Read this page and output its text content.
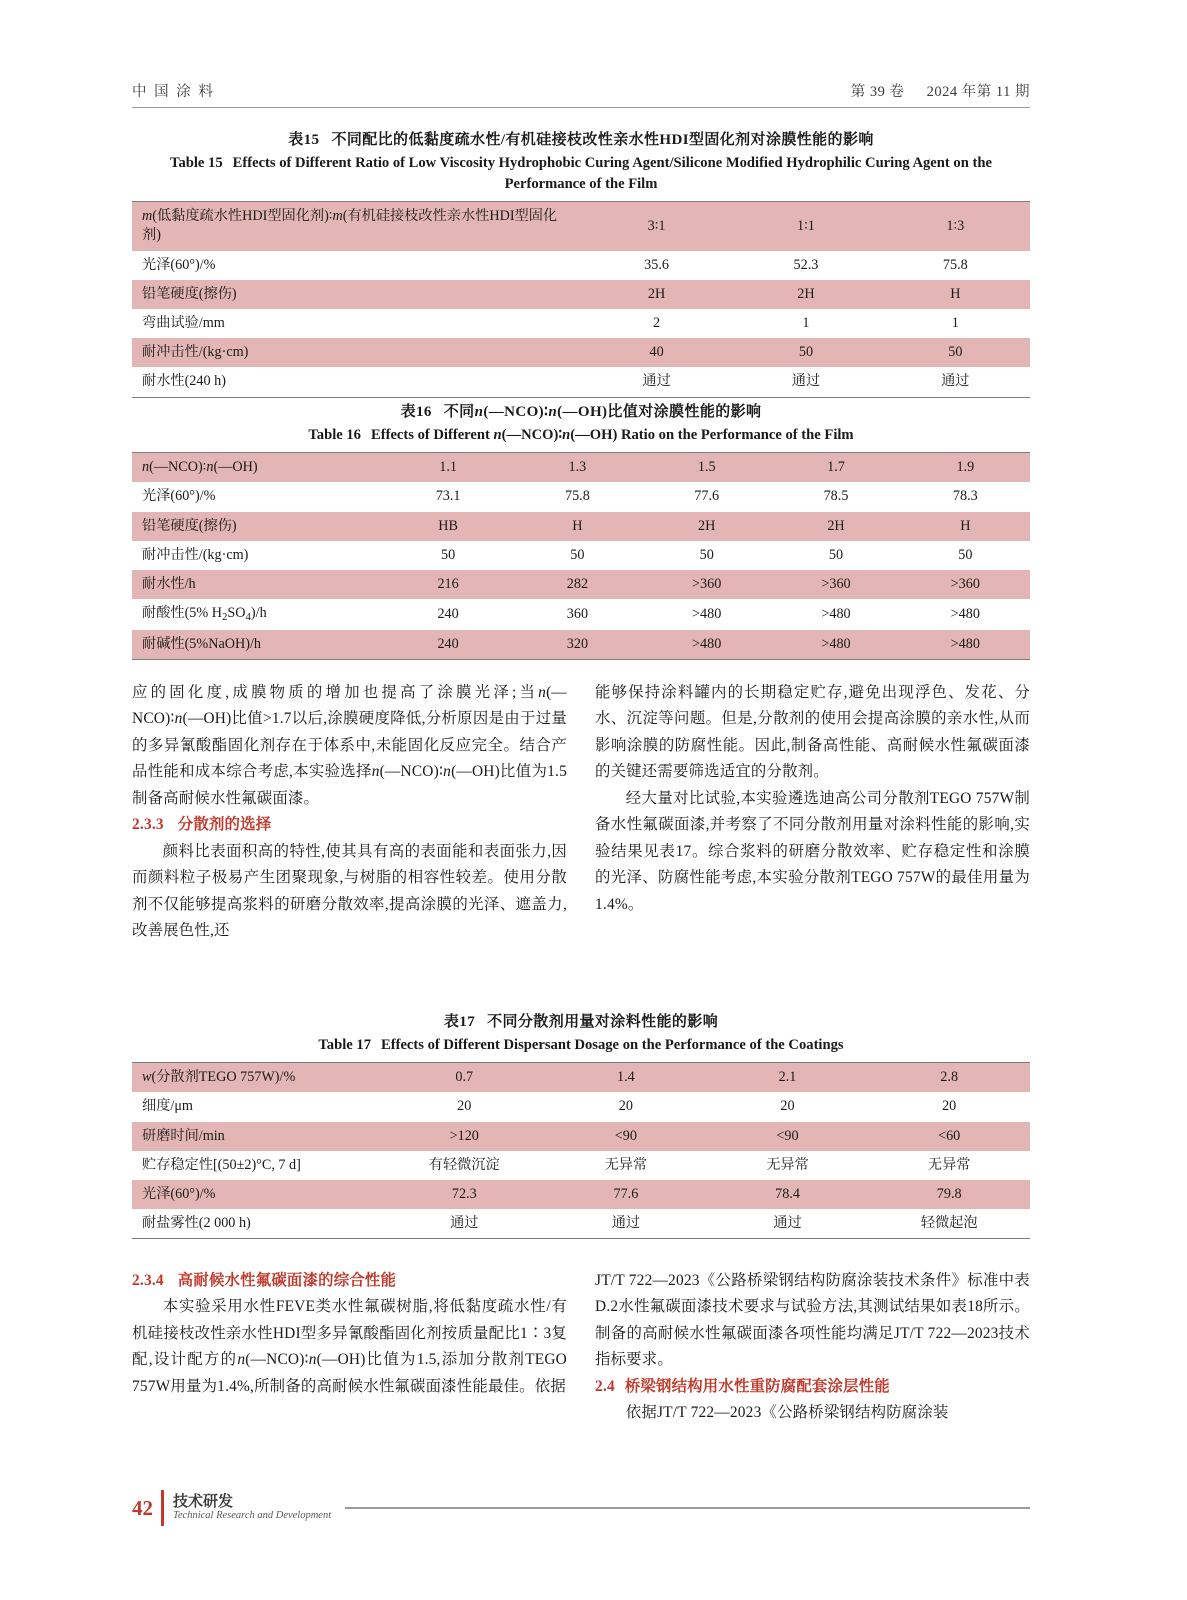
中 国 涂 料	第 39 卷 2024 年第 11 期
表15 不同配比的低黏度疏水性/有机硅接枝改性亲水性HDI型固化剂对涂膜性能的影响
Table 15 Effects of Different Ratio of Low Viscosity Hydrophobic Curing Agent/Silicone Modified Hydrophilic Curing Agent on the Performance of the Film
m(低黏度疏水性HDI型固化剂)∶m(有机硅接枝改性亲水性HDI型固化剂)	3∶1	1∶1	1∶3
光泽(60°)/%	35.6	52.3	75.8
铅笔硬度(擦伤)	2H	2H	H
弯曲试验/mm	2	1	1
耐冲击性/(kg·cm)	40	50	50
耐水性(240 h)	通过	通过	通过
表16 不同n(—NCO)∶n(—OH)比值对涂膜性能的影响
Table 16 Effects of Different n(—NCO)∶n(—OH) Ratio on the Performance of the Film
n(—NCO)∶n(—OH)	1.1	1.3	1.5	1.7	1.9
光泽(60°)/%	73.1	75.8	77.6	78.5	78.3
铅笔硬度(擦伤)	HB	H	2H	2H	H
耐冲击性/(kg·cm)	50	50	50	50	50
耐水性/h	216	282	>360	>360	>360
耐酸性(5% $H_2SO_4)/h$	240	360	>480	>480	>480
耐碱性(5%NaOH)/h	240	320	>480	>480	>480

应的固化度,成膜物质的增加也提高了涂膜光泽;当n(—NCO)∶n(—OH)比值>1.7以后,涂膜硬度降低,分析原因是由于过量的多异氰酸酯固化剂存在于体系中,未能固化反应完全。结合产品性能和成本综合考虑,本实验选择n(—NCO)∶n(—OH)比值为1.5制备高耐候水性氟碳面漆。

2.3.3 分散剂的选择

颜料比表面积高的特性,使其具有高的表面能和表面张力,因而颜料粒子极易产生团聚现象,与树脂的相容性较差。使用分散剂不仅能够提高浆料的研磨分散效率,提高涂膜的光泽、遮盖力,改善展色性,还

能够保持涂料罐内的长期稳定贮存,避免出现浮色、发花、分水、沉淀等问题。但是,分散剂的使用会提高涂膜的亲水性,从而影响涂膜的防腐性能。因此,制备高性能、高耐候水性氟碳面漆的关键还需要筛选适宜的分散剂。

经大量对比试验,本实验遴选迪高公司分散剂TEGO 757W制备水性氟碳面漆,并考察了不同分散剂用量对涂料性能的影响,实验结果见表17。综合浆料的研磨分散效率、贮存稳定性和涂膜的光泽、防腐性能考虑,本实验分散剂TEGO 757W的最佳用量为1.4%。

表17 不同分散剂用量对涂料性能的影响
Table 17 Effects of Different Dispersant Dosage on the Performance of the Coatings
w(分散剂TEGO 757W)/%	0.7	1.4	2.1	2.8
细度/μm	20	20	20	20
研磨时间/min	>120	<90	<90	<60
贮存稳定性[(50±2)°C, 7 d]	有轻微沉淀	无异常	无异常	无异常
光泽(60°)/%	72.3	77.6	78.4	79.8
耐盐雾性(2 000 h)	通过	通过	通过	轻微起泡

2.3.4 高耐候水性氟碳面漆的综合性能

本实验采用水性FEVE类水性氟碳树脂,将低黏度疏水性/有机硅接枝改性亲水性HDI型多异氰酸酯固化剂按质量配比1∶3复配,设计配方的n(—NCO)∶n(—OH)比值为1.5,添加分散剂TEGO 757W用量为1.4%,所制备的高耐候水性氟碳面漆性能最佳。依据

JT/T 722—2023《公路桥梁钢结构防腐涂装技术条件》标准中表D.2水性氟碳面漆技术要求与试验方法,其测试结果如表18所示。制备的高耐候水性氟碳面漆各项性能均满足JT/T 722—2023技术指标要求。

2.4 桥梁钢结构用水性重防腐配套涂层性能

依据JT/T 722—2023《公路桥梁钢结构防腐涂装

42 技术研发
Technical Research and Development
